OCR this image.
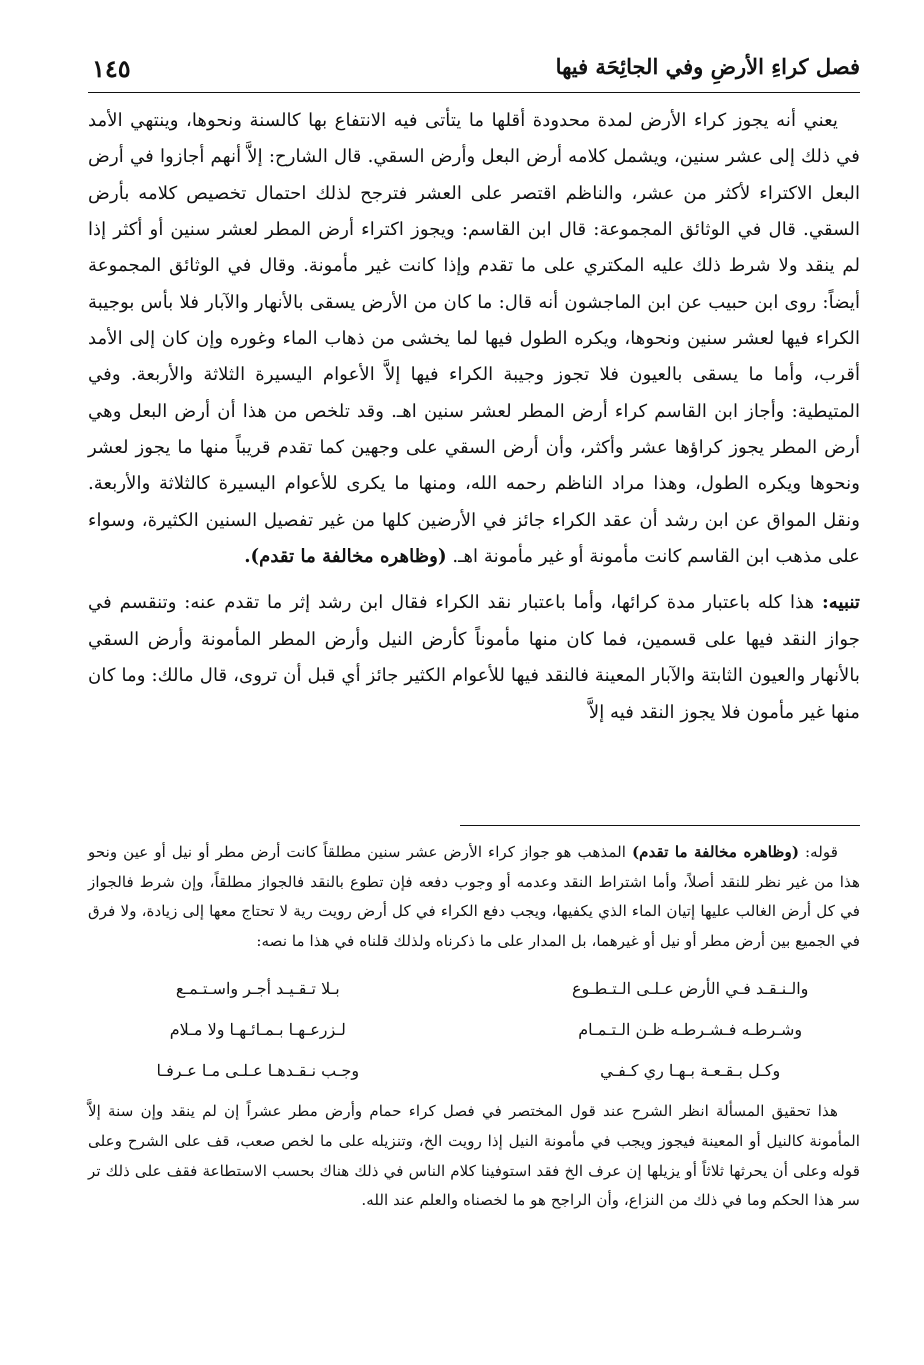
فصل كراءِ الأرضِ وفي الجائِحَة فيها
١٤٥

يعني أنه يجوز كراء الأرض لمدة محدودة أقلها ما يتأتى فيه الانتفاع بها كالسنة ونحوها، وينتهي الأمد في ذلك إلى عشر سنين، ويشمل كلامه أرض البعل وأرض السقي. قال الشارح: إلاَّ أنهم أجازوا في أرض البعل الاكتراء لأكثر من عشر، والناظم اقتصر على العشر فترجح لذلك احتمال تخصيص كلامه بأرض السقي. قال في الوثائق المجموعة: قال ابن القاسم: ويجوز اكتراء أرض المطر لعشر سنين أو أكثر إذا لم ينقد ولا شرط ذلك عليه المكتري على ما تقدم وإذا كانت غير مأمونة. وقال في الوثائق المجموعة أيضاً: روى ابن حبيب عن ابن الماجشون أنه قال: ما كان من الأرض يسقى بالأنهار والآبار فلا بأس بوجيبة الكراء فيها لعشر سنين ونحوها، ويكره الطول فيها لما يخشى من ذهاب الماء وغوره وإن كان إلى الأمد أقرب، وأما ما يسقى بالعيون فلا تجوز وجيبة الكراء فيها إلاَّ الأعوام اليسيرة الثلاثة والأربعة. وفي المتيطية: وأجاز ابن القاسم كراء أرض المطر لعشر سنين اهـ. وقد تلخص من هذا أن أرض البعل وهي أرض المطر يجوز كراؤها عشر وأكثر، وأن أرض السقي على وجهين كما تقدم قريباً منها ما يجوز لعشر ونحوها ويكره الطول، وهذا مراد الناظم رحمه الله، ومنها ما يكرى للأعوام اليسيرة كالثلاثة والأربعة. ونقل المواق عن ابن رشد أن عقد الكراء جائز في الأرضين كلها من غير تفصيل السنين الكثيرة، وسواء على مذهب ابن القاسم كانت مأمونة أو غير مأمونة اهـ. (وظاهره مخالفة ما تقدم).

تنبيه: هذا كله باعتبار مدة كرائها، وأما باعتبار نقد الكراء فقال ابن رشد إثر ما تقدم عنه: وتنقسم في جواز النقد فيها على قسمين، فما كان منها مأموناً كأرض النيل وأرض المطر المأمونة وأرض السقي بالأنهار والعيون الثابتة والآبار المعينة فالنقد فيها للأعوام الكثير جائز أي قبل أن تروى، قال مالك: وما كان منها غير مأمون فلا يجوز النقد فيه إلاَّ

قوله: (وظاهره مخالفة ما تقدم) المذهب هو جواز كراء الأرض عشر سنين مطلقاً كانت أرض مطر أو نيل أو عين ونحو هذا من غير نظر للنقد أصلاً، وأما اشتراط النقد وعدمه أو وجوب دفعه فإن تطوع بالنقد فالجواز مطلقاً، وإن شرط فالجواز في كل أرض الغالب عليها إتيان الماء الذي يكفيها، ويجب دفع الكراء في كل أرض رويت رية لا تحتاج معها إلى زيادة، ولا فرق في الجميع بين أرض مطر أو نيل أو غيرهما، بل المدار على ما ذكرناه ولذلك قلناه في هذا ما نصه:

والـنـقـد فـي الأرض عـلـى الـتـطـوع
بـلا تـقـيـد أجـر واسـتـمـع
وشـرطـه فـشـرطـه ظـن الـتـمـام
لـزرعـهـا بـمـائـهـا ولا مـلام
وكـل بـقـعـة بـهـا ري كـفـي
وجـب نـقـدهـا عـلـى مـا عـرفـا

هذا تحقيق المسألة انظر الشرح عند قول المختصر في فصل كراء حمام وأرض مطر عشراً إن لم ينقد وإن سنة إلاَّ المأمونة كالنيل أو المعينة فيجوز ويجب في مأمونة النيل إذا رويت الخ، وتنزيله على ما لخص صعب، قف على الشرح وعلى قوله وعلى أن يحرثها ثلاثاً أو يزيلها إن عرف الخ فقد استوفينا كلام الناس في ذلك هناك بحسب الاستطاعة فقف على ذلك تر سر هذا الحكم وما في ذلك من النزاع، وأن الراجح هو ما لخصناه والعلم عند الله.
